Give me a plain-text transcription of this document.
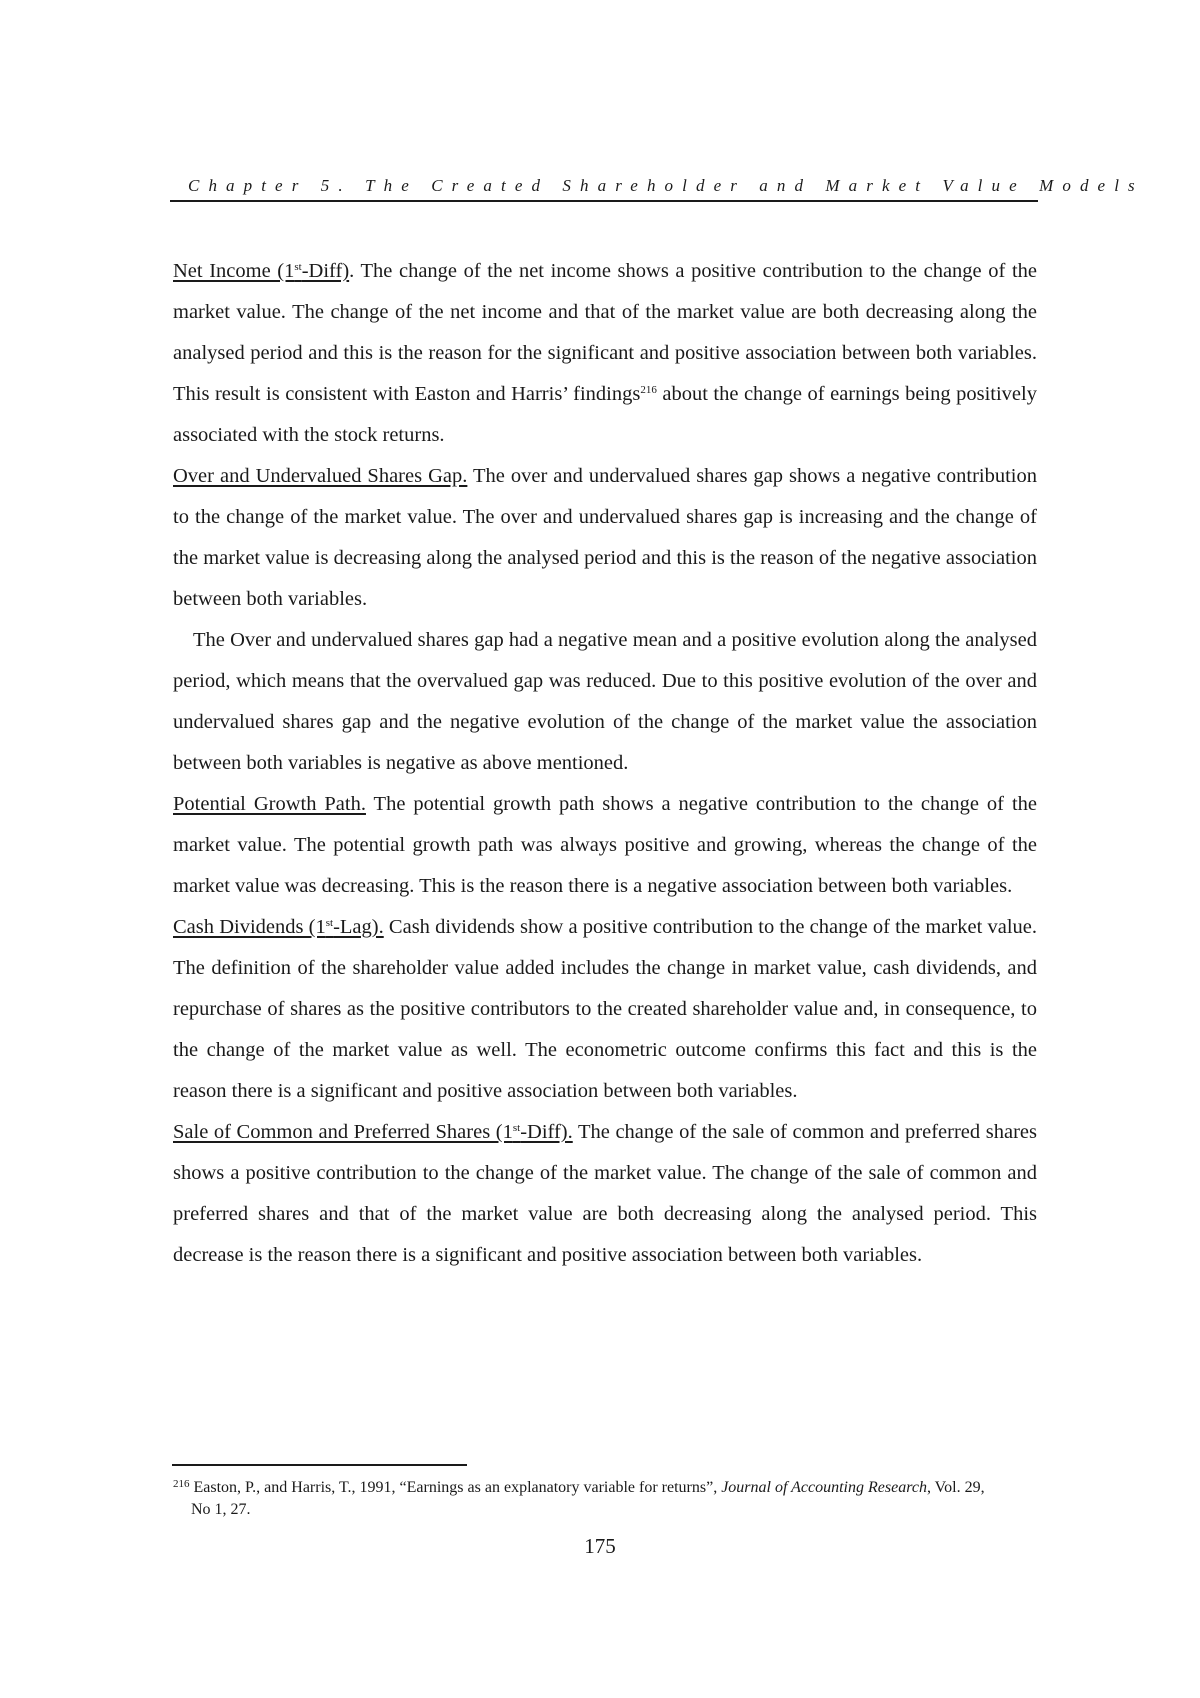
Chapter 5. The Created Shareholder and Market Value Models

Net Income (1st-Diff). The change of the net income shows a positive contribution to the change of the market value. The change of the net income and that of the market value are both decreasing along the analysed period and this is the reason for the significant and positive association between both variables. This result is consistent with Easton and Harris’ findings$^{216}$ about the change of earnings being positively associated with the stock returns.

Over and Undervalued Shares Gap. The over and undervalued shares gap shows a negative contribution to the change of the market value. The over and undervalued shares gap is increasing and the change of the market value is decreasing along the analysed period and this is the reason of the negative association between both variables.

The Over and undervalued shares gap had a negative mean and a positive evolution along the analysed period, which means that the overvalued gap was reduced. Due to this positive evolution of the over and undervalued shares gap and the negative evolution of the change of the market value the association between both variables is negative as above mentioned.

Potential Growth Path. The potential growth path shows a negative contribution to the change of the market value. The potential growth path was always positive and growing, whereas the change of the market value was decreasing. This is the reason there is a negative association between both variables.

Cash Dividends (1st-Lag). Cash dividends show a positive contribution to the change of the market value. The definition of the shareholder value added includes the change in market value, cash dividends, and repurchase of shares as the positive contributors to the created shareholder value and, in consequence, to the change of the market value as well. The econometric outcome confirms this fact and this is the reason there is a significant and positive association between both variables.

Sale of Common and Preferred Shares (1st-Diff). The change of the sale of common and preferred shares shows a positive contribution to the change of the market value. The change of the sale of common and preferred shares and that of the market value are both decreasing along the analysed period. This decrease is the reason there is a significant and positive association between both variables.

$^{216}$ Easton, P., and Harris, T., 1991, “Earnings as an explanatory variable for returns”, Journal of Accounting Research, Vol. 29,
No 1, 27.
175
